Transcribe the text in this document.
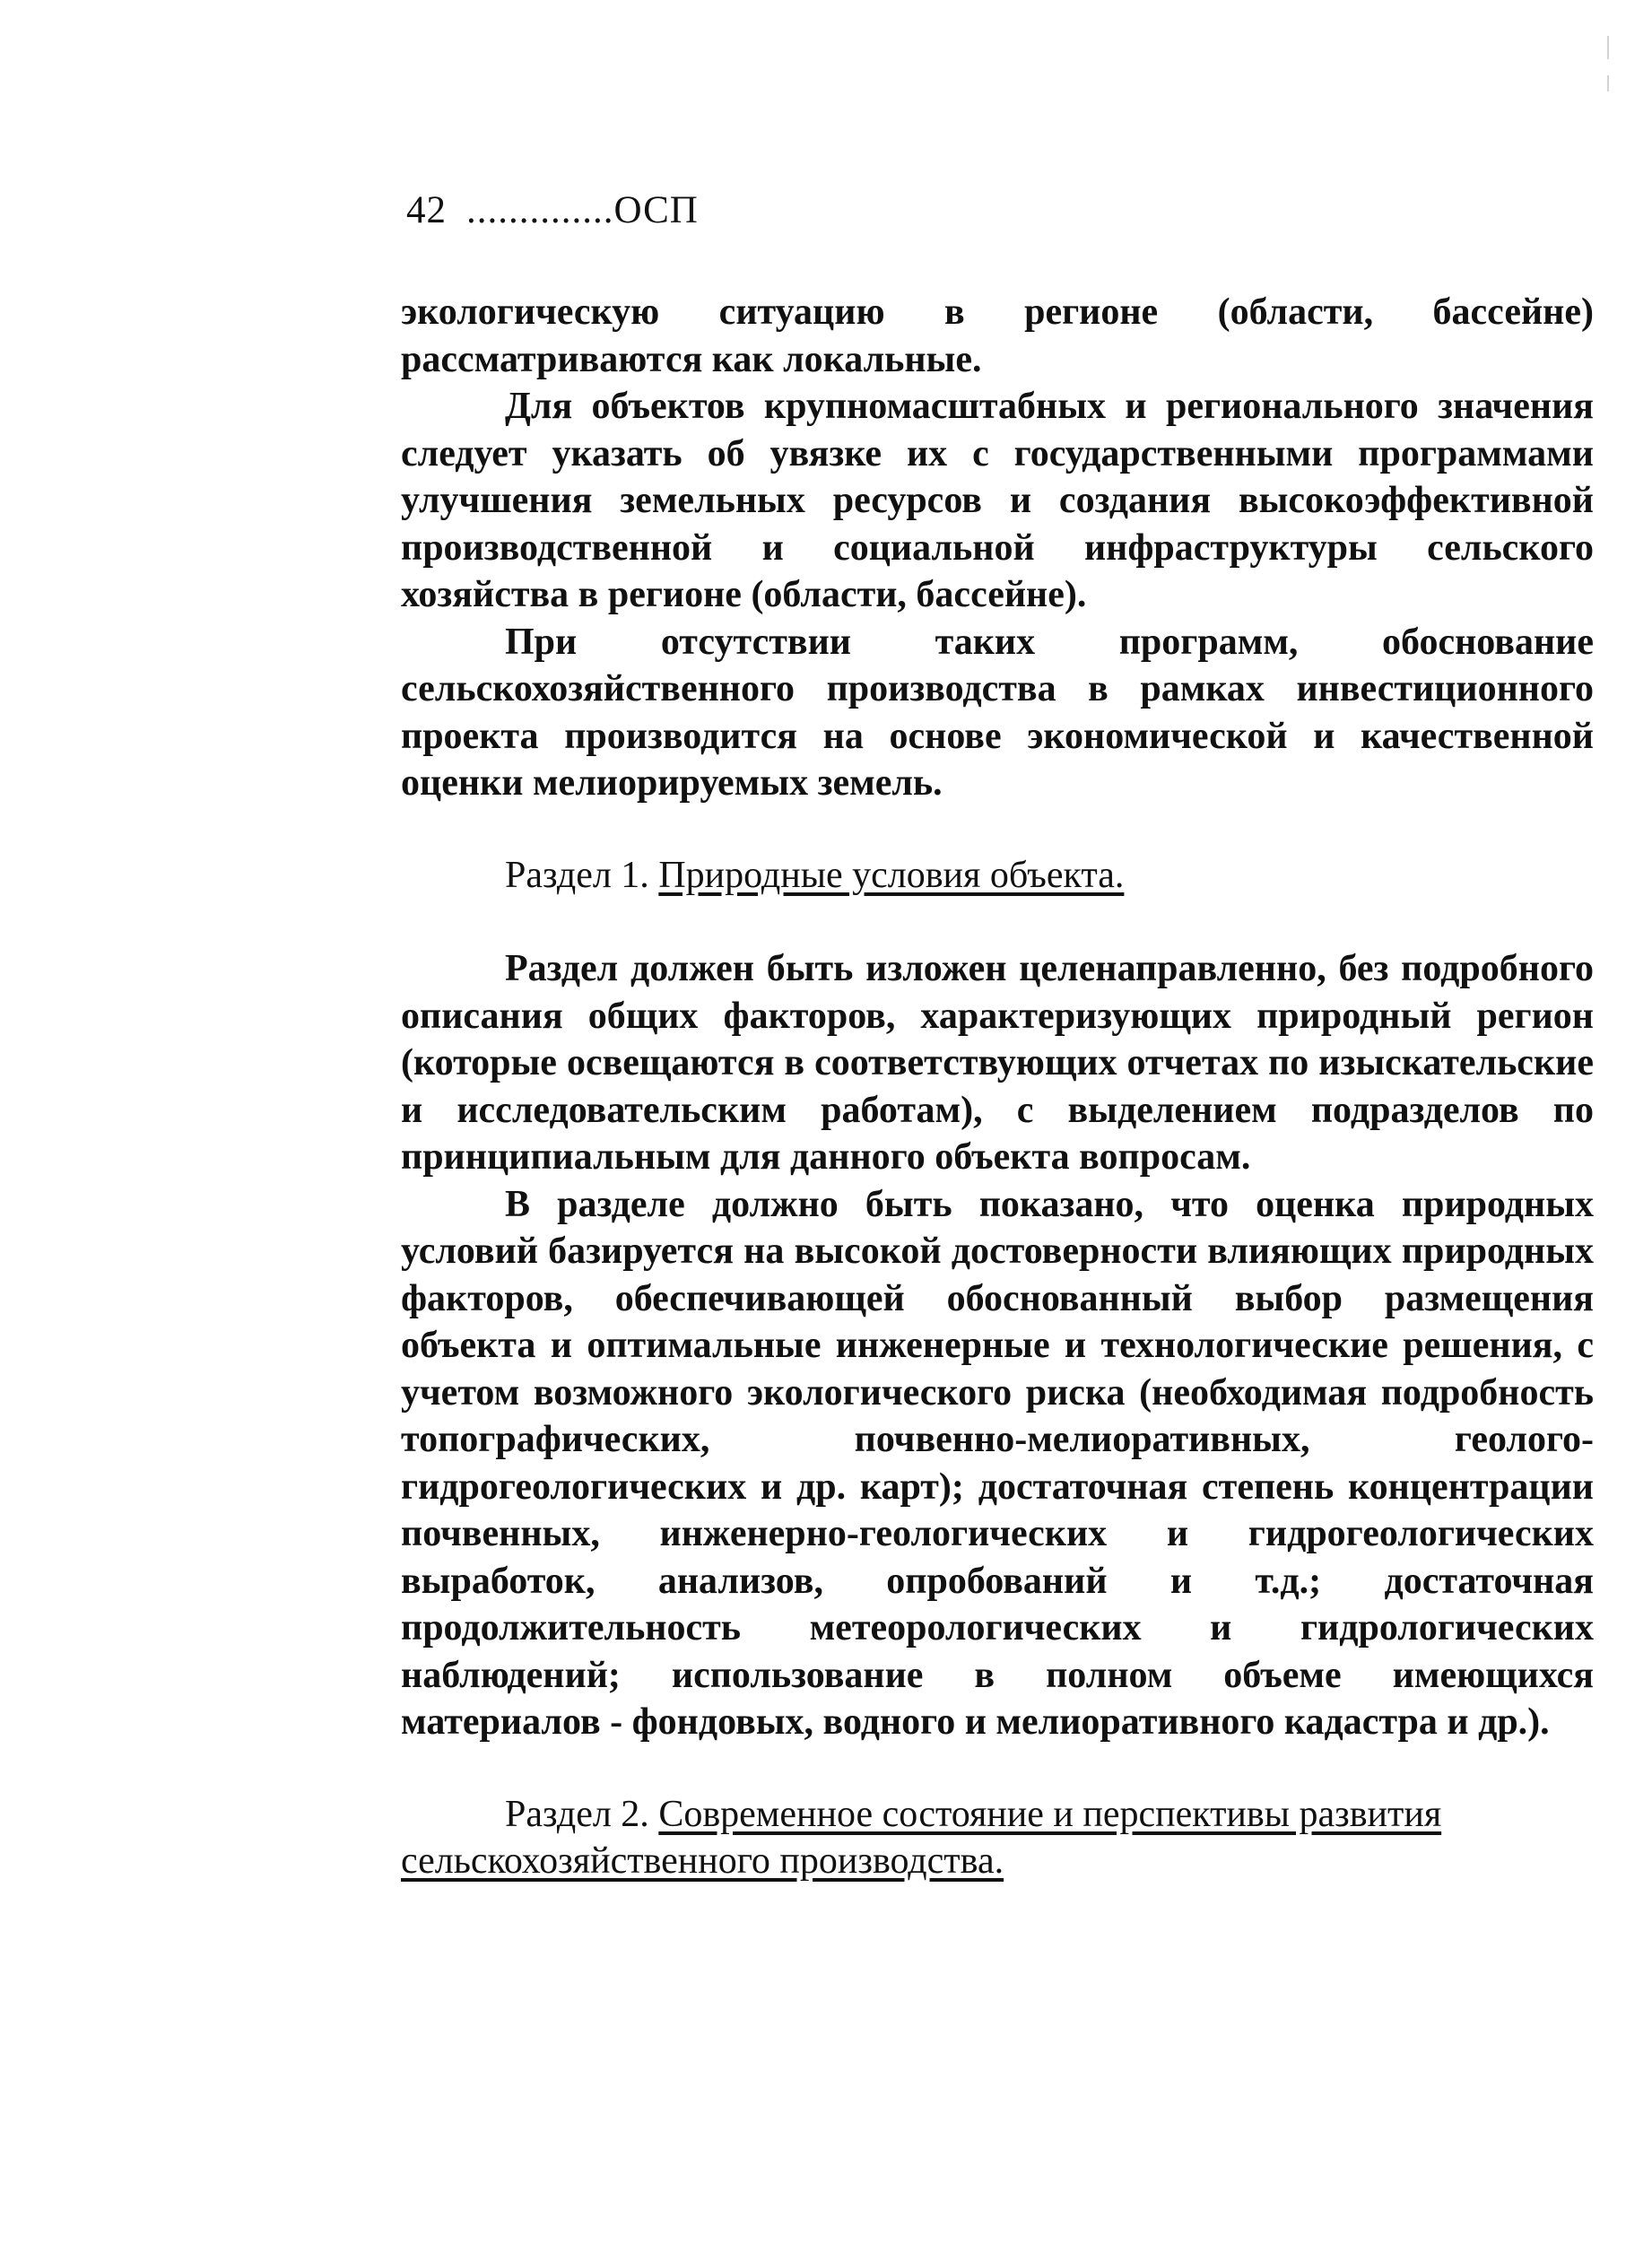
42 ..............ОСП

экологическую ситуацию в регионе (области, бассейне) рассматриваются как локальные.

Для объектов крупномасштабных и регионального значения следует указать об увязке их с государственными программами улучшения земельных ресурсов и создания высокоэффективной производственной и социальной инфраструктуры сельского хозяйства в регионе (области, бассейне).

При отсутствии таких программ, обоснование сельскохозяйственного производства в рамках инвестиционного проекта производится на основе экономической и качественной оценки мелиорируемых земель.

Раздел 1. Природные условия объекта.

Раздел должен быть изложен целенаправленно, без подробного описания общих факторов, характеризующих природный регион (которые освещаются в соответствующих отчетах по изыскательские и исследовательским работам), с выделением подразделов по принципиальным для данного объекта вопросам.

В разделе должно быть показано, что оценка природных условий базируется на высокой достоверности влияющих природных факторов, обеспечивающей обоснованный выбор размещения объекта и оптимальные инженерные и технологические решения, с учетом возможного экологического риска (необходимая подробность топографических, почвенно-мелиоративных, геолого-гидрогеологических и др. карт); достаточная степень концентрации почвенных, инженерно-геологических и гидрогеологических выработок, анализов, опробований и т.д.; достаточная продолжительность метеорологических и гидрологических наблюдений; использование в полном объеме имеющихся материалов - фондовых, водного и мелиоративного кадастра и др.).

Раздел 2. Современное состояние и перспективы развития сельскохозяйственного производства.
